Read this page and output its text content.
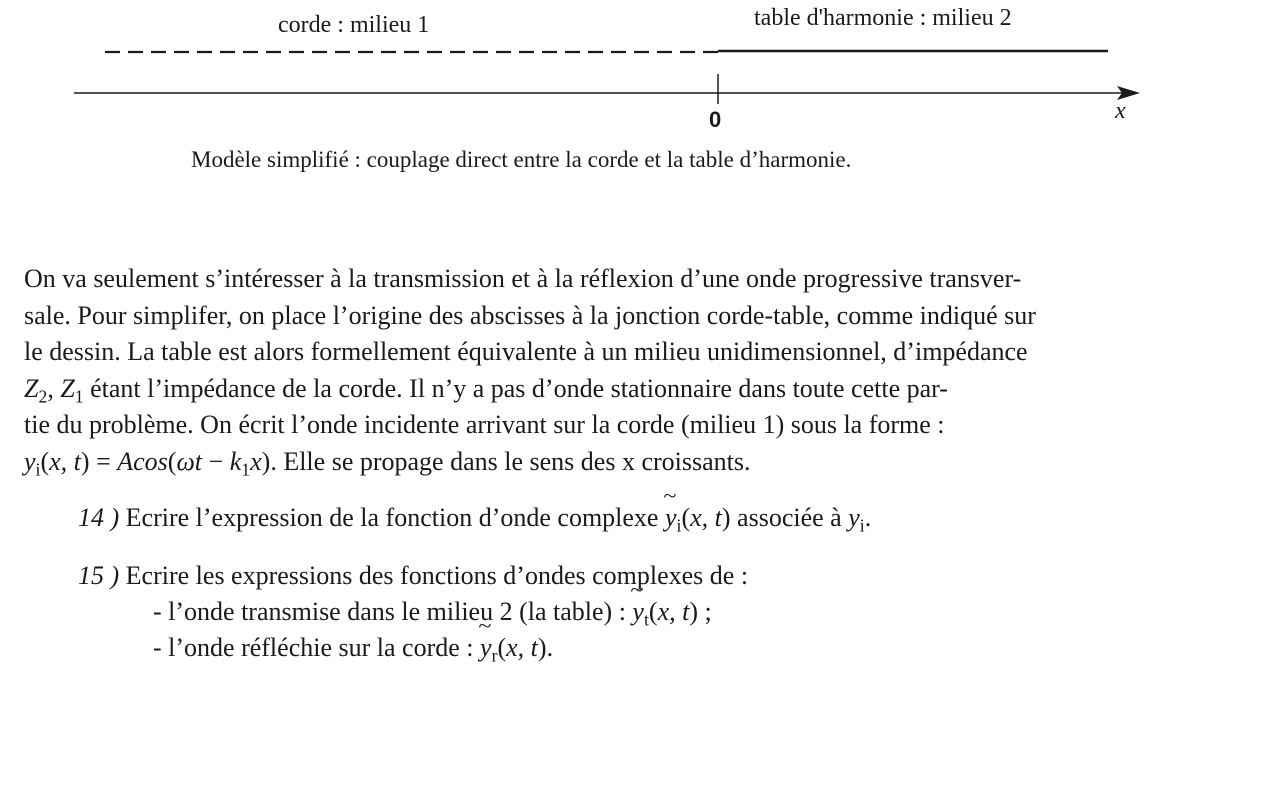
corde : milieu 1	table d'harmonie : milieu 2
0	x
Modèle simplifié : couplage direct entre la corde et la table d’harmonie.
On va seulement s’intéresser à la transmission et à la réflexion d’une onde progressive transver-
sale. Pour simplifer, on place l’origine des abscisses à la jonction corde-table, comme indiqué sur
le dessin. La table est alors formellement équivalente à un milieu unidimensionnel, d’impédance
$Z_2$, $Z_1$ étant l’impédance de la corde. Il n’y a pas d’onde stationnaire dans toute cette par-
tie du problème. On écrit l’onde incidente arrivant sur la corde (milieu 1) sous la forme :
$y_i(x$, $t) = Acos(\omega t - k_1x)$. Elle se propage dans le sens des x croissants.
14 ) Ecrire l’expression de la fonction d’onde complexe ~ $y_i(x$, t) associée à $y_i$.
15 ) Ecrire les expressions des fonctions d’ondes complexes de :
- l’onde transmise dans le milieu 2 (la table) : ~ $y_t(x$, t) ;
- l’onde réfléchie sur la corde : ~ $y_r(x$, t).
